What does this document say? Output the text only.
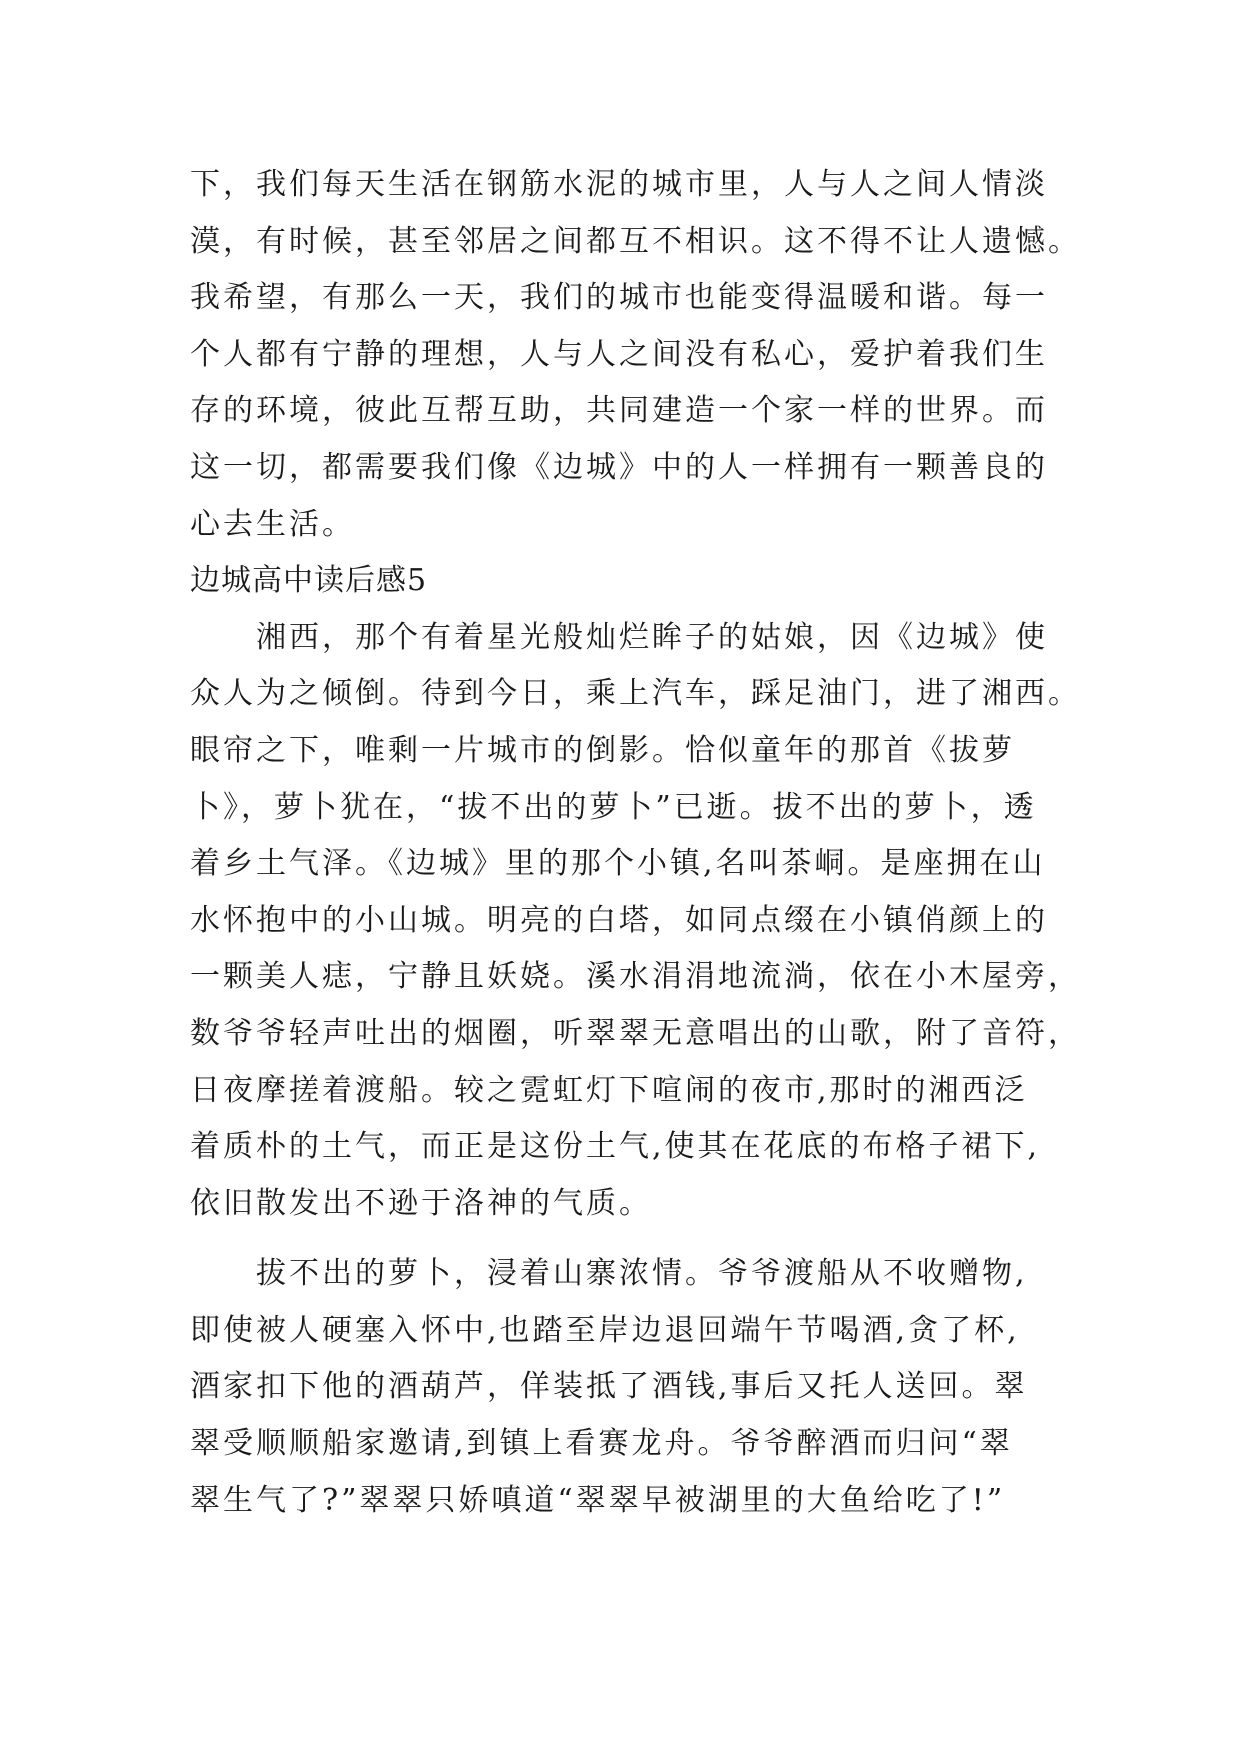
下，我们每天生活在钢筋水泥的城市里，人与人之间人情淡
漠，有时候，甚至邻居之间都互不相识。这不得不让人遗憾。
我希望，有那么一天，我们的城市也能变得温暖和谐。每一
个人都有宁静的理想，人与人之间没有私心，爱护着我们生
存的环境，彼此互帮互助，共同建造一个家一样的世界。而
这一切，都需要我们像《边城》中的人一样拥有一颗善良的
心去生活。
边城高中读后感5
　　湘西，那个有着星光般灿烂眸子的姑娘，因《边城》使
众人为之倾倒。待到今日，乘上汽车，踩足油门，进了湘西。
眼帘之下，唯剩一片城市的倒影。恰似童年的那首《拔萝
卜》，萝卜犹在，“拔不出的萝卜”已逝。拔不出的萝卜，透
着乡土气泽。《边城》里的那个小镇,名叫茶峒。是座拥在山
水怀抱中的小山城。明亮的白塔，如同点缀在小镇俏颜上的
一颗美人痣，宁静且妖娆。溪水涓涓地流淌，依在小木屋旁，
数爷爷轻声吐出的烟圈，听翠翠无意唱出的山歌，附了音符，
日夜摩搓着渡船。较之霓虹灯下喧闹的夜市,那时的湘西泛
着质朴的土气，而正是这份土气,使其在花底的布格子裙下,
依旧散发出不逊于洛神的气质。
　　拔不出的萝卜，浸着山寨浓情。爷爷渡船从不收赠物,
即使被人硬塞入怀中,也踏至岸边退回端午节喝酒,贪了杯,
酒家扣下他的酒葫芦，佯装抵了酒钱,事后又托人送回。翠
翠受顺顺船家邀请,到镇上看赛龙舟。爷爷醉酒而归问“翠
翠生气了?”翠翠只娇嗔道“翠翠早被湖里的大鱼给吃了!”
